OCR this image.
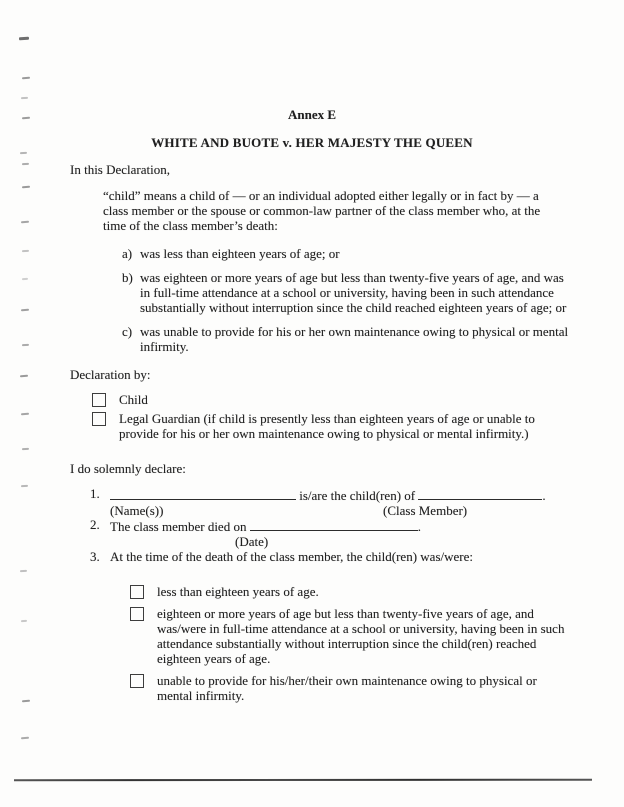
Annex E
WHITE AND BUOTE v. HER MAJESTY THE QUEEN
In this Declaration,
“child” means a child of — or an individual adopted either legally or in fact by — a class member or the spouse or common-law partner of the class member who, at the time of the class member’s death:
a) was less than eighteen years of age; or
b) was eighteen or more years of age but less than twenty-five years of age, and was in full-time attendance at a school or university, having been in such attendance substantially without interruption since the child reached eighteen years of age; or
c) was unable to provide for his or her own maintenance owing to physical or mental infirmity.
Declaration by:
Child
Legal Guardian (if child is presently less than eighteen years of age or unable to provide for his or her own maintenance owing to physical or mental infirmity.)
I do solemnly declare:
1.	is/are the child(ren) of	.
(Name(s))	(Class Member)
2. The class member died on	.
(Date)
3. At the time of the death of the class member, the child(ren) was/were:
less than eighteen years of age.
eighteen or more years of age but less than twenty-five years of age, and was/were in full-time attendance at a school or university, having been in such attendance substantially without interruption since the child(ren) reached eighteen years of age.
unable to provide for his/her/their own maintenance owing to physical or mental infirmity.
